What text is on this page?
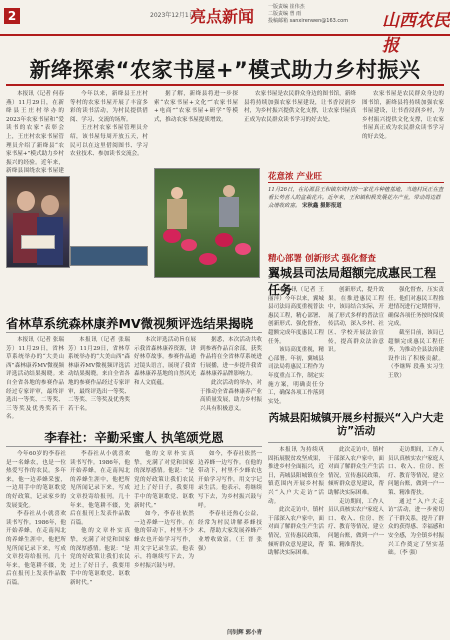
2	2023年12月1日
亮点新闻	一版责编 崔伟杰
二版责编 曾 雨
投稿邮箱 sanxirenwen@163.com 山西农民报
新绛探索“农家书屋+”模式助力乡村振兴

本报讯（记者 何春燕）11月29日，在新绛县王庄村举办的2023年农家书屋和“爱读书的农家”表彰会上，王庄村农家书屋管理员介绍了新绛县“农家书屋+”模式助力乡村振兴的经验。近年来，新绛县围绕农家书屋建

今年以来，新绛县王庄村等村的农家书屋开展了丰富多彩的读书活动，为村民提供借阅、学习、交流的场所。

王庄村农家书屋管理员介绍，该书屋每周开放五天，村民可以在这里借阅图书、学习农业技术、参加读书交流会。

据了解，新绛县将进一步探索“农家书屋+文化”“农家书屋+电商”“农家书屋+研学”等模式，推动农家书屋提质增效。

农家书屋是农民群众身边的图书馆，新绛县将持续加强农家书屋建设，让书香浸润乡村，为乡村振兴提供文化支撑，让农家书屋真正成为农民群众读书学习的好去处。

农家书屋是农民群众身边的图书馆，新绛县将持续加强农家书屋建设，让书香浸润乡村，为乡村振兴提供文化支撑，让农家书屋真正成为农民群众读书学习的好去处。

花意浓 产业旺
11月26日，在沁源县王和镇东坡村的一家花卉种植基地，当地村民正在查看长势喜人的盆栽花卉。近年来，王和镇积极发展花卉产业，带动周边群众增收致富。 宋秋鑫 摄影报道
精心部署 创新形式 强化督查
翼城县司法局超额完成惠民工程任务

本报讯（记者 王丽萍）今年以来，翼城县司法局高度重视普法惠民工程，精心部署、创新形式、强化督查，超额完成年度惠民工程任务。

该局高度重视，精心部署。年初，翼城县司法局将惠民工程作为年度重点工作，制定实施方案，明确责任分工，确保各项工作落到实处。

创新形式，提升效果。在推进惠民工程中，该局结合实际，开展了形式多样的普法宣传活动，深入乡村、社区、学校开展法治宣传，提高群众法治意识。

强化督查，压实责任。他们对惠民工程推进情况进行定期督导，确保各项任务按时保质完成。

截至目前，该局已超额完成惠民工程任务，为推动全县法治建设作出了积极贡献。（李继辉 段燕 实习生 王欣）

省林草系统森林康养MV微视频评选结果揭晓

本报讯（记者 张瑞芳）11月29日，省林草系统举办的“大美山西”森林康养MV微视频评选活动结果揭晓。来自全省各地的参赛作品经过专家评审，最终评选出一等奖、二等奖、三等奖及优秀奖若干名。

本报讯（记者 张瑞芳）11月29日，省林草系统举办的“大美山西”森林康养MV微视频评选活动结果揭晓。来自全省各地的参赛作品经过专家评审，最终评选出一等奖、二等奖、三等奖及优秀奖若干名。

本次评选活动旨在展示我省森林康养资源，讲好林草故事。参赛作品通过镜头语言，展现了我省森林康养基地的自然风光和人文底蕴。

据悉，本次活动共收到参赛作品百余部，获奖作品将在全省林草系统进行展播，进一步提升我省森林康养品牌影响力。

此次活动的举办，对于推动全省森林康养产业高质量发展，助力乡村振兴具有积极意义。

李春社：辛勤采蜜人 执笔颂党恩

今年60岁的李春社是一名蜂农，也是一位热爱写作的农民。多年来，他一边养蜂采蜜，一边用手中的笔讴歌党的好政策，记录家乡的发展变化。

李春社从小就喜欢读书写作。1986年，他开始养蜂，在走南闯北的养蜂生涯中，他把所见所闻记录下来，写成文章投寄给报刊。几十年来，他笔耕不辍，先后在报刊上发表作品数百篇。

李春社从小就喜欢读书写作。1986年，他开始养蜂，在走南闯北的养蜂生涯中，他把所见所闻记录下来，写成文章投寄给报刊。几十年来，他笔耕不辍，先后在报刊上发表作品数百篇。

他的文章朴实真挚，充满了对党和国家的深厚感情。他说：“是党的好政策让我们农民过上了好日子，我要用手中的笔讴歌党、讴歌新时代。”

他的文章朴实真挚，充满了对党和国家的深厚感情。他说：“是党的好政策让我们农民过上了好日子，我要用手中的笔讴歌党、讴歌新时代。”

如今，李春社依然一边养蜂一边写作。在他的带动下，村里不少蜂农也开始学习写作，用文字记录生活。他表示，将继续写下去，为乡村振兴鼓与呼。

如今，李春社依然一边养蜂一边写作。在他的带动下，村里不少蜂农也开始学习写作，用文字记录生活。他表示，将继续写下去，为乡村振兴鼓与呼。

李春社还热心公益，经常为村民讲解养蜂技术，帮助大家发展养蜂产业增收致富。（王 晋 张 强）

闫钊辉 郭小青
芮城县阳城镇开展乡村振兴“入户大走访”活动

本报讯 为持续巩固拓展脱贫攻坚成果，推进乡村全面振兴，近日，芮城县阳城镇在全镇范围内开展乡村振兴“入户大走访”活动。

此次走访中，镇村干部深入农户家中，面对面了解群众生产生活情况，宣传惠民政策，倾听群众意见建议，帮助解决实际困难。

此次走访中，镇村干部深入农户家中，面对面了解群众生产生活情况，宣传惠民政策，倾听群众意见建议，帮助解决实际困难。

走访期间，工作人员认真核实农户家庭人口、收入、住房、医疗、教育等情况，建立问题台账，做到一户一策、精准帮扶。

走访期间，工作人员认真核实农户家庭人口、收入、住房、医疗、教育等情况，建立问题台账，做到一户一策、精准帮扶。

通过“入户大走访”活动，进一步密切了干群关系，提升了群众的获得感、幸福感和安全感，为全镇乡村振兴工作奠定了坚实基础。（李 强）
